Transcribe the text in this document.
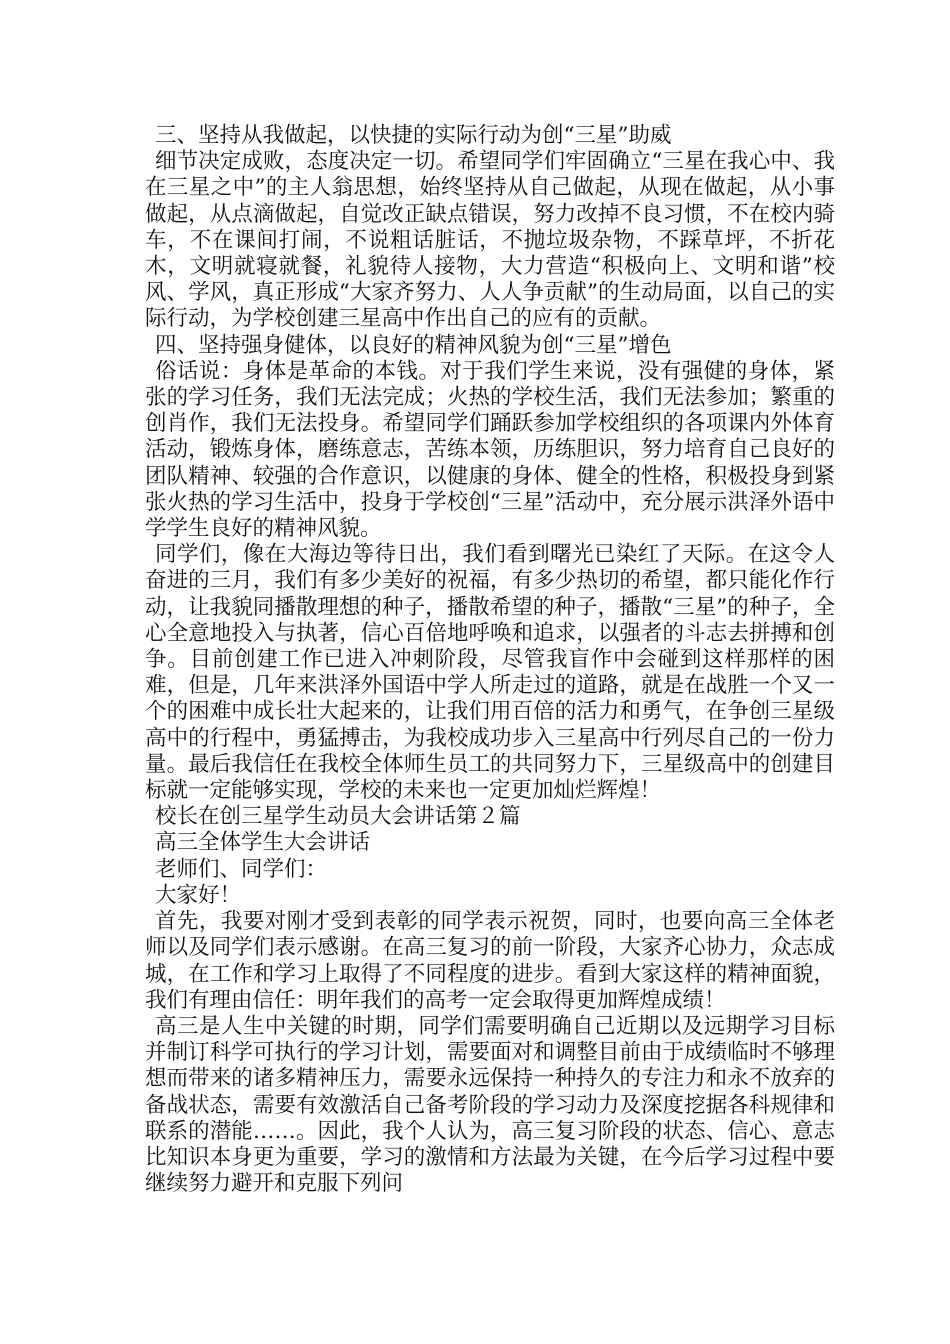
三、坚持从我做起，以快捷的实际行动为创“三星”助威

细节决定成败，态度决定一切。希望同学们牢固确立“三星在我心中、我在三星之中”的主人翁思想，始终坚持从自己做起，从现在做起，从小事做起，从点滴做起，自觉改正缺点错误，努力改掉不良习惯，不在校内骑车，不在课间打闹，不说粗话脏话，不抛垃圾杂物，不踩草坪，不折花木，文明就寝就餐，礼貌待人接物，大力营造“积极向上、文明和谐”校风、学风，真正形成“大家齐努力、人人争贡献”的生动局面，以自己的实际行动，为学校创建三星高中作出自己的应有的贡献。

四、坚持强身健体，以良好的精神风貌为创“三星”增色

俗话说：身体是革命的本钱。对于我们学生来说，没有强健的身体，紧张的学习任务，我们无法完成；火热的学校生活，我们无法参加；繁重的创肖作，我们无法投身。希望同学们踊跃参加学校组织的各项课内外体育活动，锻炼身体，磨练意志，苦练本领，历练胆识，努力培育自己良好的团队精神、较强的合作意识，以健康的身体、健全的性格，积极投身到紧张火热的学习生活中，投身于学校创“三星”活动中，充分展示洪泽外语中学学生良好的精神风貌。

同学们，像在大海边等待日出，我们看到曙光已染红了天际。在这令人奋进的三月，我们有多少美好的祝福，有多少热切的希望，都只能化作行动，让我貌同播散理想的种子，播散希望的种子，播散“三星”的种子，全心全意地投入与执著，信心百倍地呼唤和追求，以强者的斗志去拼搏和创争。目前创建工作已进入冲刺阶段，尽管我盲作中会碰到这样那样的困难，但是，几年来洪泽外国语中学人所走过的道路，就是在战胜一个又一个的困难中成长壮大起来的，让我们用百倍的活力和勇气，在争创三星级高中的行程中，勇猛搏击，为我校成功步入三星高中行列尽自己的一份力量。最后我信任在我校全体师生员工的共同努力下，三星级高中的创建目标就一定能够实现，学校的未来也一定更加灿烂辉煌！

校长在创三星学生动员大会讲话第２篇

高三全体学生大会讲话

老师们、同学们：

大家好！

首先，我要对刚才受到表彰的同学表示祝贺，同时，也要向高三全体老师以及同学们表示感谢。在高三复习的前一阶段，大家齐心协力，众志成城，在工作和学习上取得了不同程度的进步。看到大家这样的精神面貌，我们有理由信任：明年我们的高考一定会取得更加辉煌成绩！

高三是人生中关键的时期，同学们需要明确自己近期以及远期学习目标并制订科学可执行的学习计划，需要面对和调整目前由于成绩临时不够理想而带来的诸多精神压力，需要永远保持一种持久的专注力和永不放弃的备战状态，需要有效激活自己备考阶段的学习动力及深度挖据各科规律和联系的潜能……。因此，我个人认为，高三复习阶段的状态、信心、意志比知识本身更为重要，学习的激情和方法最为关键，在今后学习过程中要继续努力避开和克服下列问
